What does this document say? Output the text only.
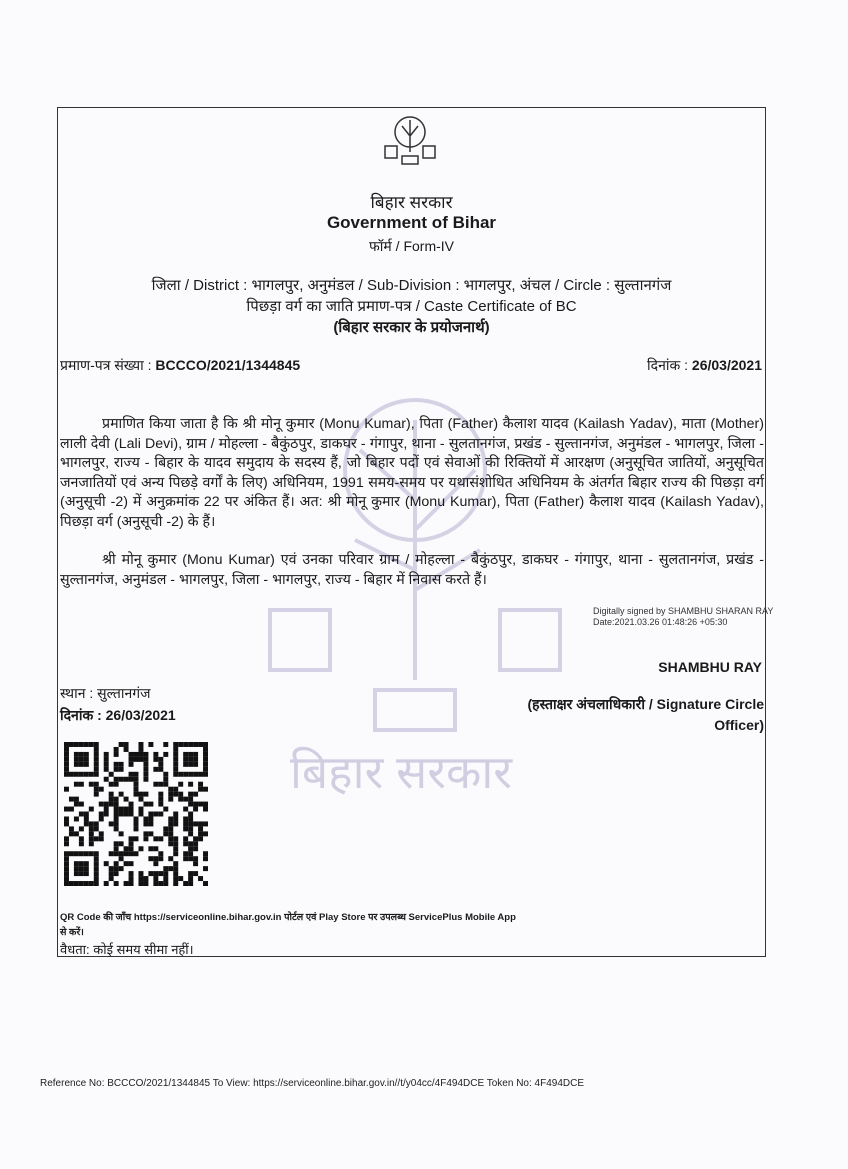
बिहार सरकार
बिहार सरकार
Government of Bihar
फॉर्म / Form-IV
जिला / District : भागलपुर, अनुमंडल / Sub-Division : भागलपुर, अंचल / Circle : सुल्तानगंज
पिछड़ा वर्ग का जाति प्रमाण-पत्र / Caste Certificate of BC
(बिहार सरकार के प्रयोजनार्थ)
प्रमाण-पत्र संख्या : BCCCO/2021/1344845	दिनांक : 26/03/2021

प्रमाणित किया जाता है कि श्री मोनू कुमार (Monu Kumar), पिता (Father) कैलाश यादव (Kailash Yadav), माता (Mother) लाली देवी (Lali Devi), ग्राम / मोहल्ला - बैकुंठपुर, डाकघर - गंगापुर, थाना - सुलतानगंज, प्रखंड - सुल्तानगंज, अनुमंडल - भागलपुर, जिला - भागलपुर, राज्य - बिहार के यादव समुदाय के सदस्य हैं, जो बिहार पदों एवं सेवाओं की रिक्तियों में आरक्षण (अनुसूचित जातियों, अनुसूचित जनजातियों एवं अन्य पिछड़े वर्गों के लिए) अधिनियम, 1991 समय-समय पर यथासंशोधित अधिनियम के अंतर्गत बिहार राज्य की पिछड़ा वर्ग (अनुसूची -2) में अनुक्रमांक 22 पर अंकित हैं। अत: श्री मोनू कुमार (Monu Kumar), पिता (Father) कैलाश यादव (Kailash Yadav), पिछड़ा वर्ग (अनुसूची -2) के हैं।

श्री मोनू कुमार (Monu Kumar) एवं उनका परिवार ग्राम / मोहल्ला - बैकुंठपुर, डाकघर - गंगापुर, थाना - सुलतानगंज, प्रखंड - सुल्तानगंज, अनुमंडल - भागलपुर, जिला - भागलपुर, राज्य - बिहार में निवास करते हैं।

Digitally signed by SHAMBHU SHARAN RAY
Date:2021.03.26 01:48:26 +05:30
SHAMBHU RAY
(हस्ताक्षर अंचलाधिकारी / Signature Circle Officer)
स्थान : सुल्तानगंज
दिनांक : 26/03/2021
QR Code की जाँच https://serviceonline.bihar.gov.in पोर्टल एवं Play Store पर उपलब्ध ServicePlus Mobile App से करें।
वैधता: कोई समय सीमा नहीं।
Reference No: BCCCO/2021/1344845 To View: https://serviceonline.bihar.gov.in//t/y04cc/4F494DCE Token No: 4F494DCE
